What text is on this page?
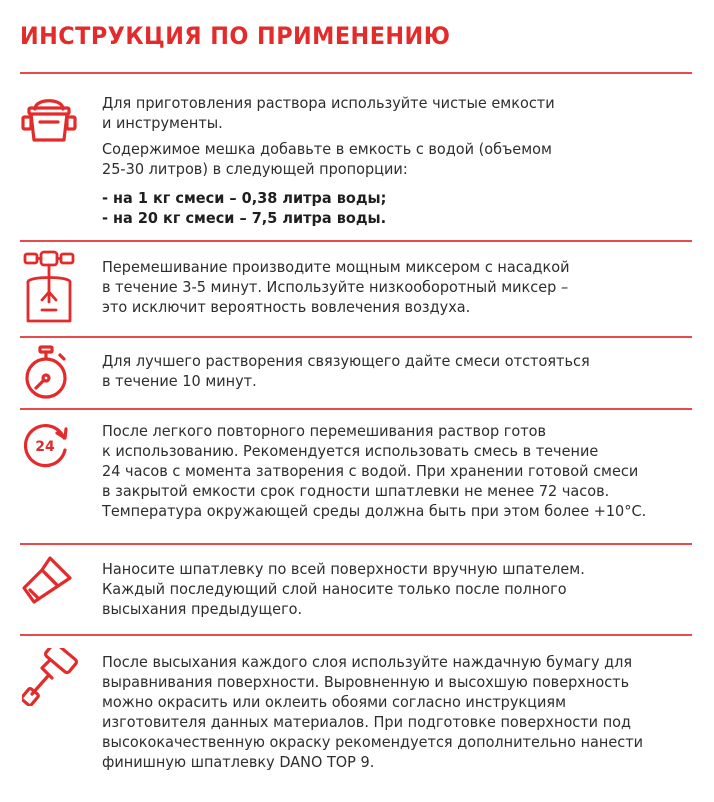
ИНСТРУКЦИЯ ПО ПРИМЕНЕНИЮ

Для приготовления раствора используйте чистые емкости

и инструменты.

Содержимое мешка добавьте в емкость с водой (объемом

25-30 литров) в следующей пропорции:

- на 1 кг смеси – 0,38 литра воды;

- на 20 кг смеси – 7,5 литра воды.

Перемешивание производите мощным миксером с насадкой

в течение 3-5 минут. Используйте низкооборотный миксер –

это исключит вероятность вовлечения воздуха.

Для лучшего растворения связующего дайте смеси отстояться

в течение 10 минут.

24

После легкого повторного перемешивания раствор готов

к использованию. Рекомендуется использовать смесь в течение

24 часов с момента затворения с водой. При хранении готовой смеси

в закрытой емкости срок годности шпатлевки не менее 72 часов.

Температура окружающей среды должна быть при этом более +10°C.

Наносите шпатлевку по всей поверхности вручную шпателем.

Каждый последующий слой наносите только после полного

высыхания предыдущего.

После высыхания каждого слоя используйте наждачную бумагу для

выравнивания поверхности. Выровненную и высохшую поверхность

можно окрасить или оклеить обоями согласно инструкциям

изготовителя данных материалов. При подготовке поверхности под

высококачественную окраску рекомендуется дополнительно нанести

финишную шпатлевку DANO TOP 9.
